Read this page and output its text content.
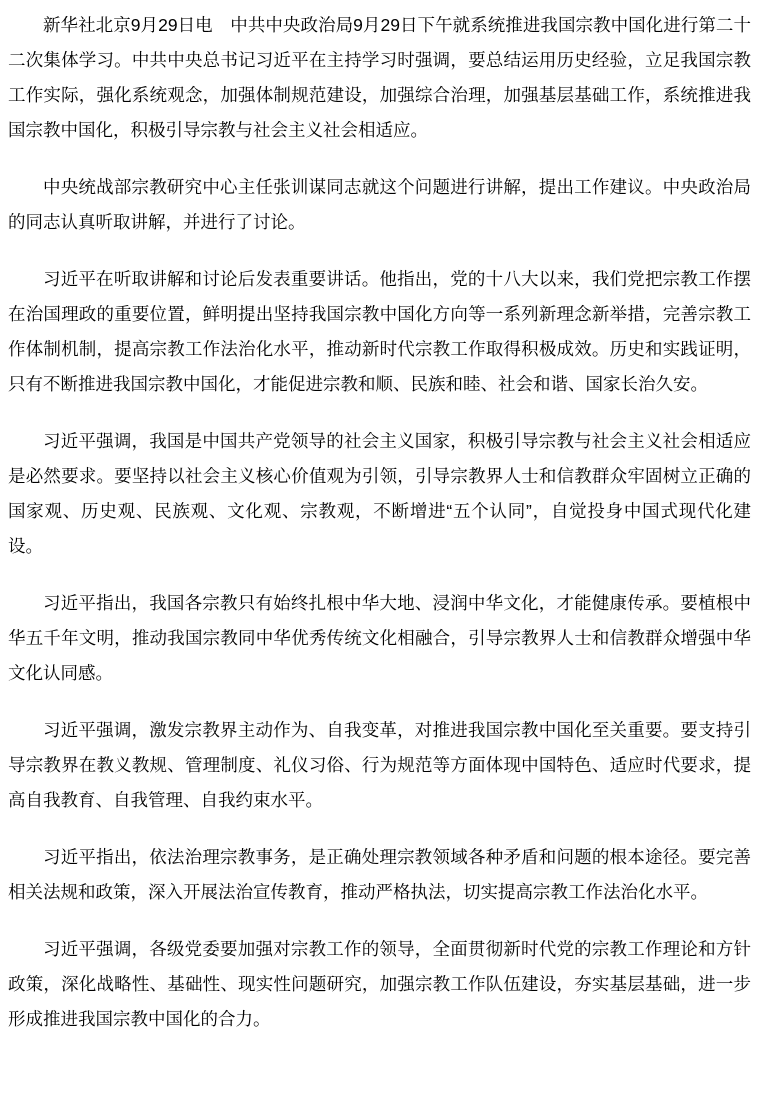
新华社北京9月29日电　中共中央政治局9月29日下午就系统推进我国宗教中国化进行第二十二次集体学习。中共中央总书记习近平在主持学习时强调，要总结运用历史经验，立足我国宗教工作实际，强化系统观念，加强体制规范建设，加强综合治理，加强基层基础工作，系统推进我国宗教中国化，积极引导宗教与社会主义社会相适应。

中央统战部宗教研究中心主任张训谋同志就这个问题进行讲解，提出工作建议。中央政治局的同志认真听取讲解，并进行了讨论。

习近平在听取讲解和讨论后发表重要讲话。他指出，党的十八大以来，我们党把宗教工作摆在治国理政的重要位置，鲜明提出坚持我国宗教中国化方向等一系列新理念新举措，完善宗教工作体制机制，提高宗教工作法治化水平，推动新时代宗教工作取得积极成效。历史和实践证明，只有不断推进我国宗教中国化，才能促进宗教和顺、民族和睦、社会和谐、国家长治久安。

习近平强调，我国是中国共产党领导的社会主义国家，积极引导宗教与社会主义社会相适应是必然要求。要坚持以社会主义核心价值观为引领，引导宗教界人士和信教群众牢固树立正确的国家观、历史观、民族观、文化观、宗教观，不断增进“五个认同”，自觉投身中国式现代化建设。

习近平指出，我国各宗教只有始终扎根中华大地、浸润中华文化，才能健康传承。要植根中华五千年文明，推动我国宗教同中华优秀传统文化相融合，引导宗教界人士和信教群众增强中华文化认同感。

习近平强调，激发宗教界主动作为、自我变革，对推进我国宗教中国化至关重要。要支持引导宗教界在教义教规、管理制度、礼仪习俗、行为规范等方面体现中国特色、适应时代要求，提高自我教育、自我管理、自我约束水平。

习近平指出，依法治理宗教事务，是正确处理宗教领域各种矛盾和问题的根本途径。要完善相关法规和政策，深入开展法治宣传教育，推动严格执法，切实提高宗教工作法治化水平。

习近平强调，各级党委要加强对宗教工作的领导，全面贯彻新时代党的宗教工作理论和方针政策，深化战略性、基础性、现实性问题研究，加强宗教工作队伍建设，夯实基层基础，进一步形成推进我国宗教中国化的合力。
